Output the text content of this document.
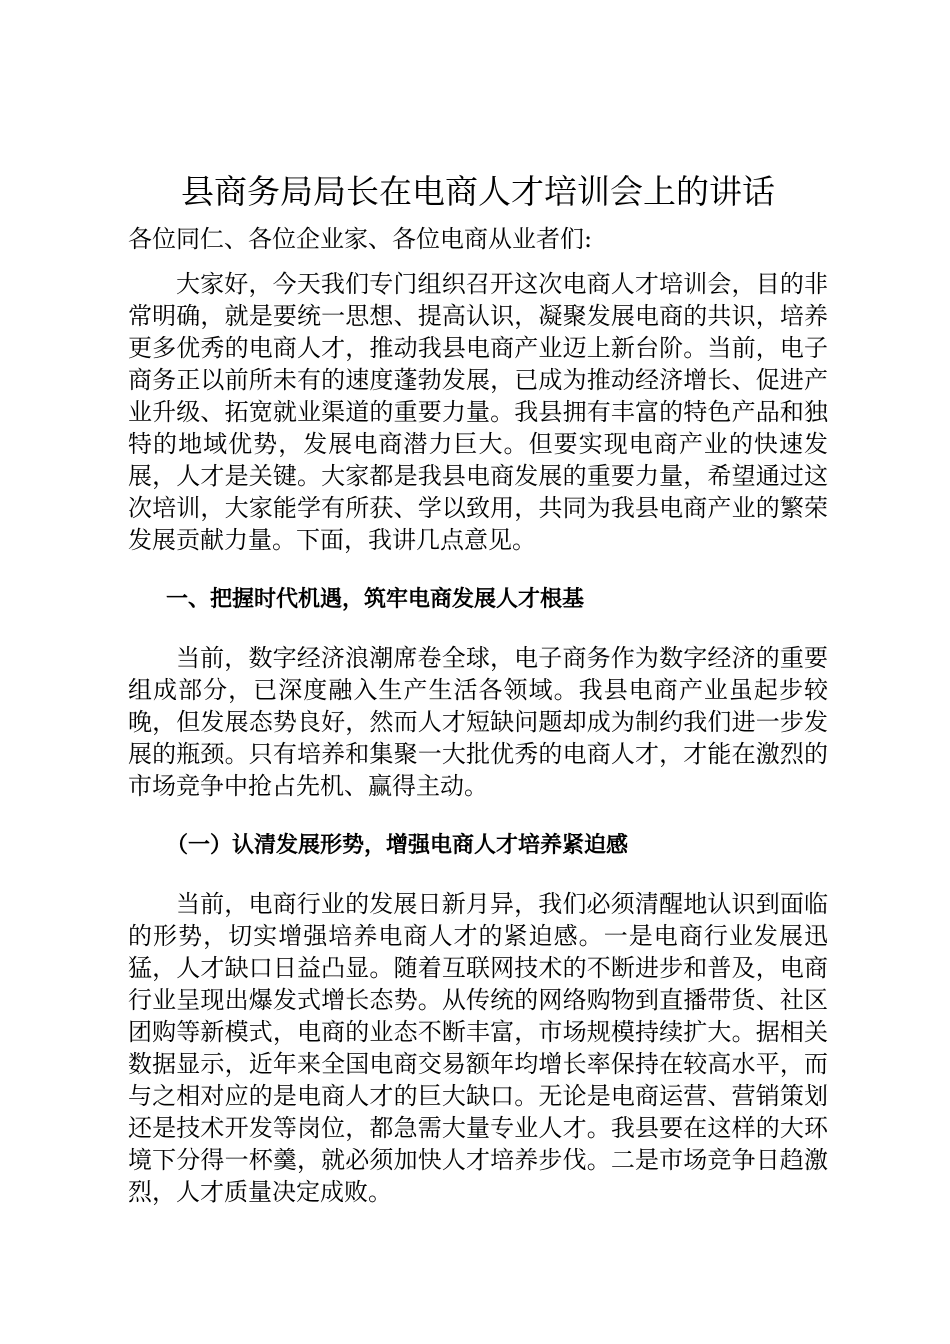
县商务局局长在电商人才培训会上的讲话

各位同仁、各位企业家、各位电商从业者们:

大家好，今天我们专门组织召开这次电商人才培训会，目的非常明确，就是要统一思想、提高认识，凝聚发展电商的共识，培养更多优秀的电商人才，推动我县电商产业迈上新台阶。当前，电子商务正以前所未有的速度蓬勃发展，已成为推动经济增长、促进产业升级、拓宽就业渠道的重要力量。我县拥有丰富的特色产品和独特的地域优势，发展电商潜力巨大。但要实现电商产业的快速发展，人才是关键。大家都是我县电商发展的重要力量，希望通过这次培训，大家能学有所获、学以致用，共同为我县电商产业的繁荣发展贡献力量。下面，我讲几点意见。

一、把握时代机遇，筑牢电商发展人才根基

当前，数字经济浪潮席卷全球，电子商务作为数字经济的重要组成部分，已深度融入生产生活各领域。我县电商产业虽起步较晚，但发展态势良好，然而人才短缺问题却成为制约我们进一步发展的瓶颈。只有培养和集聚一大批优秀的电商人才，才能在激烈的市场竞争中抢占先机、赢得主动。

（一）认清发展形势，增强电商人才培养紧迫感

当前，电商行业的发展日新月异，我们必须清醒地认识到面临的形势，切实增强培养电商人才的紧迫感。一是电商行业发展迅猛，人才缺口日益凸显。随着互联网技术的不断进步和普及，电商行业呈现出爆发式增长态势。从传统的网络购物到直播带货、社区团购等新模式，电商的业态不断丰富，市场规模持续扩大。据相关数据显示，近年来全国电商交易额年均增长率保持在较高水平，而与之相对应的是电商人才的巨大缺口。无论是电商运营、营销策划还是技术开发等岗位，都急需大量专业人才。我县要在这样的大环境下分得一杯羹，就必须加快人才培养步伐。二是市场竞争日趋激烈，人才质量决定成败。
